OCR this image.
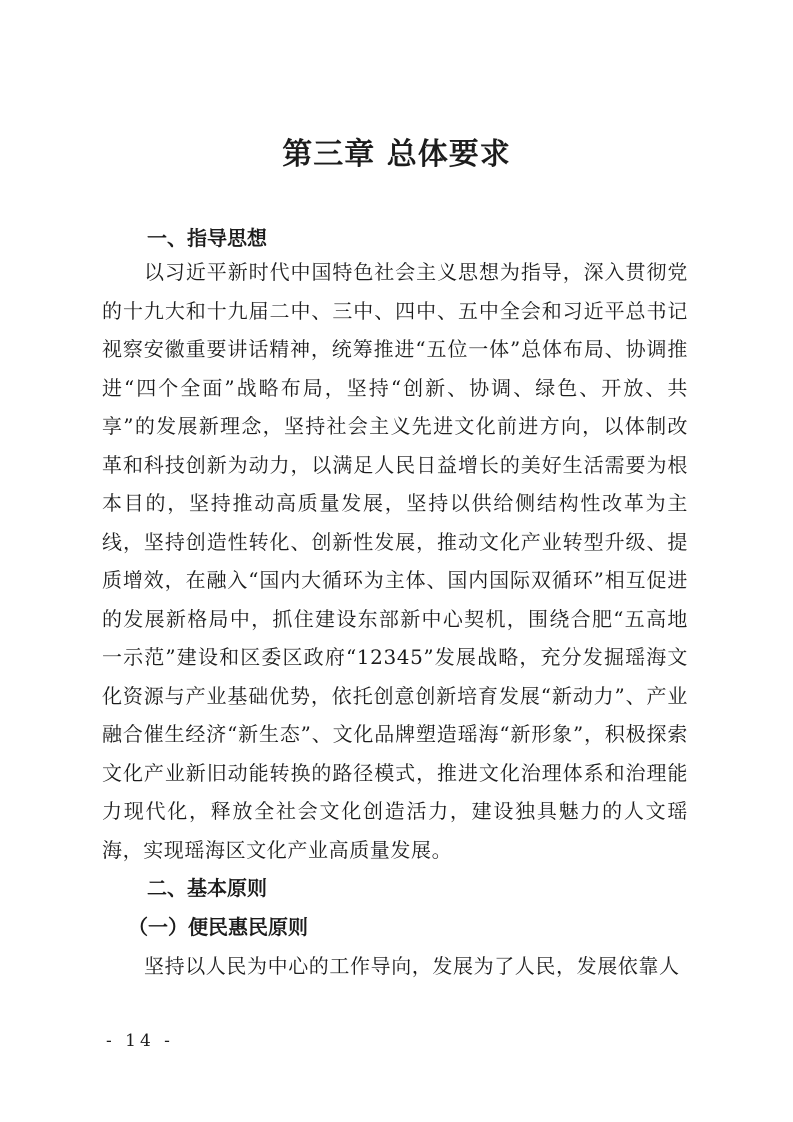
第三章 总体要求
一、指导思想

以习近平新时代中国特色社会主义思想为指导，深入贯彻党的十九大和十九届二中、三中、四中、五中全会和习近平总书记视察安徽重要讲话精神，统筹推进“五位一体”总体布局、协调推进“四个全面”战略布局，坚持“创新、协调、绿色、开放、共享”的发展新理念，坚持社会主义先进文化前进方向，以体制改革和科技创新为动力，以满足人民日益增长的美好生活需要为根本目的，坚持推动高质量发展，坚持以供给侧结构性改革为主线，坚持创造性转化、创新性发展，推动文化产业转型升级、提质增效，在融入“国内大循环为主体、国内国际双循环”相互促进的发展新格局中，抓住建设东部新中心契机，围绕合肥“五高地一示范”建设和区委区政府“12345”发展战略，充分发掘瑶海文化资源与产业基础优势，依托创意创新培育发展“新动力”、产业融合催生经济“新生态”、文化品牌塑造瑶海“新形象”，积极探索文化产业新旧动能转换的路径模式，推进文化治理体系和治理能力现代化，释放全社会文化创造活力，建设独具魅力的人文瑶海，实现瑶海区文化产业高质量发展。

二、基本原则
（一）便民惠民原则

坚持以人民为中心的工作导向，发展为了人民，发展依靠人

- 14 -
